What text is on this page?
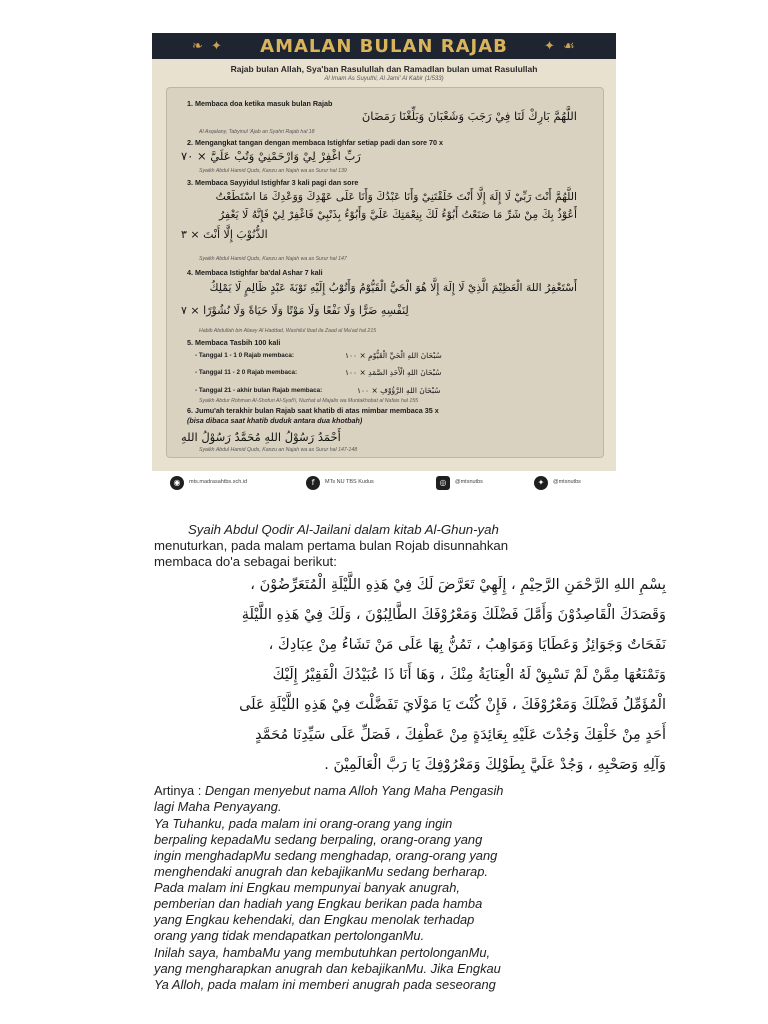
❧ ✦	AMALAN BULAN RAJAB	✦ ☙
Rajab bulan Allah, Sya'ban Rasulullah dan Ramadlan bulan umat Rasulullah
Al Imam As Suyuthi, Al Jami' Al Kabir (1/533)
1. Membaca doa ketika masuk bulan Rajab
اللَّهُمَّ بَارِكْ لَنَا فِيْ رَجَبَ وَشَعْبَانَ وَبَلِّغْنَا رَمَضَانَ
Al Asqalany, Tabyinul 'Ajab an Syahri Rajab hal 18
2. Mengangkat tangan dengan membaca Istighfar setiap padi dan sore 70 x
رَبِّ اغْفِرْ لِيْ وَارْحَمْنِيْ وَتُبْ عَلَيَّ × ٧٠
Syaikh Abdul Hamid Quds, Kanzu an Najah wa as Surur hal 139
3. Membaca Sayyidul Istighfar 3 kali pagi dan sore
اللَّهُمَّ أَنْتَ رَبِّيْ لَا إِلَهَ إِلَّا أَنْتَ خَلَقْتَنِيْ وَأَنَا عَبْدُكَ وَأَنَا عَلَى عَهْدِكَ وَوَعْدِكَ مَا اسْتَطَعْتُ
أَعُوْذُ بِكَ مِنْ شَرِّ مَا صَنَعْتُ أَبُوْءُ لَكَ بِنِعْمَتِكَ عَلَيَّ وَأَبُوْءُ بِذَنْبِيْ فَاغْفِرْ لِيْ فَإِنَّهُ لَا يَغْفِرُ
الذُّنُوْبَ إِلَّا أَنْتَ × ٣
Syaikh Abdul Hamid Quds, Kanzu an Najah wa as Surur hal 147
4. Membaca Istighfar ba'dal Ashar 7 kali
أَسْتَغْفِرُ اللهَ الْعَظِيْمَ الَّذِيْ لَا إِلَهَ إِلَّا هُوَ الْحَيُّ الْقَيُّوْمُ وَأَتُوْبُ إِلَيْهِ تَوْبَةَ عَبْدٍ ظَالِمٍ لَا يَمْلِكُ
لِنَفْسِهِ ضَرًّا وَلَا نَفْعًا وَلَا مَوْتًا وَلَا حَيَاةً وَلَا نُشُوْرًا × ٧
Habib Abdullah bin Alawy Al Haddad, Washilul Ibad ila Zaad al Ma'ad hal 215
5. Membaca Tasbih 100 kali
- Tanggal 1 - 1 0 Rajab membaca:	سُبْحَانَ اللهِ الْحَيِّ الْقَيُّوْمِ × ١٠٠
- Tanggal 11 - 2 0 Rajab membaca:	سُبْحَانَ اللهِ الْأَحَدِ الصَّمَدِ × ١٠٠
- Tanggal 21 - akhir bulan Rajab membaca:	سُبْحَانَ اللهِ الرَّؤُوْفِ × ١٠٠
Syaikh Abdur Rohman Al-Shofuri Al-Syafi'i, Nuzhat al Majalis wa Muntakhobat al Nafais hal 155
6. Jumu'ah terakhir bulan Rajab saat khatib di atas mimbar membaca 35 x
(bisa dibaca saat khatib duduk antara dua khotbah)
أَحْمَدُ رَسُوْلُ اللهِ مُحَمَّدٌ رَسُوْلُ اللهِ
Syaikh Abdul Hamid Quds, Kanzu an Najah wa as Surur hal 147-148
◉	mts.madrasahtbs.sch.id	f	MTs NU TBS Kudus	◎	@mtsnutbs	✦	@mtsnutbs
Syaih Abdul Qodir Al-Jailani dalam kitab Al-Ghun-yah
menuturkan, pada malam pertama bulan Rojab disunnahkan
membaca do'a sebagai berikut:
بِسْمِ اللهِ الرَّحْمَنِ الرَّحِيْمِ ، إِلَهِيْ تَعَرَّضَ لَكَ فِيْ هَذِهِ اللَّيْلَةِ الْمُتَعَرِّضُوْنَ ،
وَقَصَدَكَ الْقَاصِدُوْنَ وَأَمَّلَ فَضْلَكَ وَمَعْرُوْفَكَ الطَّالِبُوْنَ ، وَلَكَ فِيْ هَذِهِ اللَّيْلَةِ
نَفَحَاتٌ وَجَوَائِزُ وَعَطَايَا وَمَوَاهِبُ ، تَمُنُّ بِهَا عَلَى مَنْ تَشَاءُ مِنْ عِبَادِكَ ،
وَتَمْنَعُهَا مِمَّنْ لَمْ تَسْبِقْ لَهُ الْعِنَايَةُ مِنْكَ ، وَهَا أَنَا ذَا عُبَيْدُكَ الْفَقِيْرُ إِلَيْكَ
الْمُؤَمِّلُ فَضْلَكَ وَمَعْرُوْفَكَ ، فَإِنْ كُنْتَ يَا مَوْلَايَ تَفَضَّلْتَ فِيْ هَذِهِ اللَّيْلَةِ عَلَى
أَحَدٍ مِنْ خَلْقِكَ وَجُدْتَ عَلَيْهِ بِعَائِدَةٍ مِنْ عَطْفِكَ ، فَصَلِّ عَلَى سَيِّدِنَا مُحَمَّدٍ
وَآلِهِ وَصَحْبِهِ ، وَجُدْ عَلَيَّ بِطَوْلِكَ وَمَعْرُوْفِكَ يَا رَبَّ الْعَالَمِيْنَ .
Artinya : Dengan menyebut nama Alloh Yang Maha Pengasih
lagi Maha Penyayang.
Ya Tuhanku, pada malam ini orang-orang yang ingin
berpaling kepadaMu sedang berpaling, orang-orang yang
ingin menghadapMu sedang menghadap, orang-orang yang
menghendaki anugrah dan kebajikanMu sedang berharap.
Pada malam ini Engkau mempunyai banyak anugrah,
pemberian dan hadiah yang Engkau berikan pada hamba
yang Engkau kehendaki, dan Engkau menolak terhadap
orang yang tidak mendapatkan pertolonganMu.
Inilah saya, hambaMu yang membutuhkan pertolonganMu,
yang mengharapkan anugrah dan kebajikanMu. Jika Engkau
Ya Alloh, pada malam ini memberi anugrah pada seseorang
